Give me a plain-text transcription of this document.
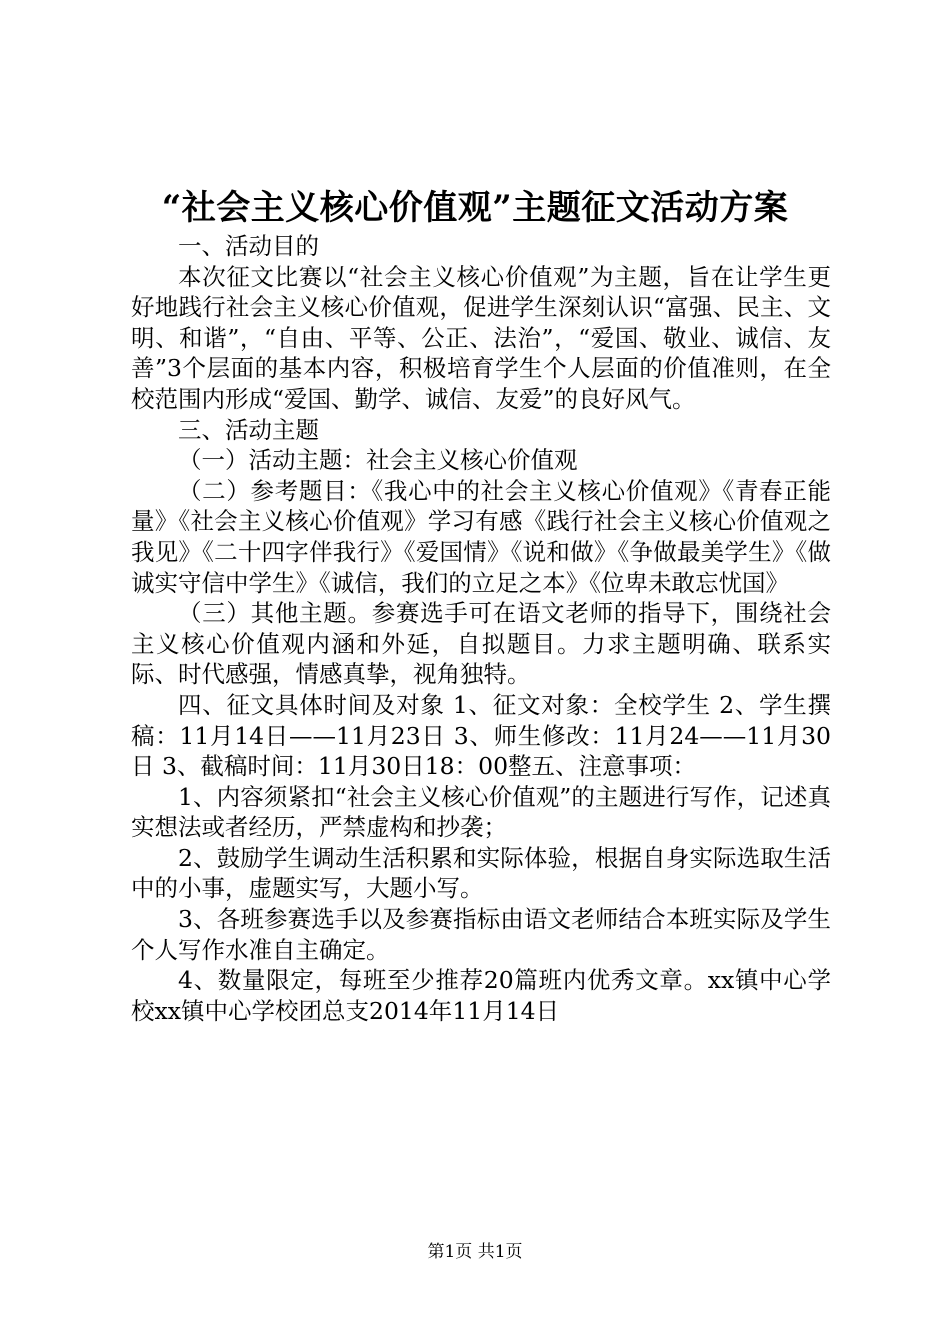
“社会主义核心价值观”主题征文活动方案

一、活动目的

本次征文比赛以“社会主义核心价值观”为主题，旨在让学生更好地践行社会主义核心价值观，促进学生深刻认识“富强、民主、文明、和谐”，“自由、平等、公正、法治”，“爱国、敬业、诚信、友善”3个层面的基本内容，积极培育学生个人层面的价值准则，在全校范围内形成“爱国、勤学、诚信、友爱”的良好风气。

三、活动主题

（一）活动主题：社会主义核心价值观

（二）参考题目：《我心中的社会主义核心价值观》《青春正能量》《社会主义核心价值观》学习有感《践行社会主义核心价值观之我见》《二十四字伴我行》《爱国情》《说和做》《争做最美学生》《做诚实守信中学生》《诚信，我们的立足之本》《位卑未敢忘忧国》

（三）其他主题。参赛选手可在语文老师的指导下，围绕社会主义核心价值观内涵和外延，自拟题目。力求主题明确、联系实际、时代感强，情感真挚，视角独特。

四、征文具体时间及对象 1、征文对象：全校学生 2、学生撰稿：11月14日——11月23日 3、师生修改：11月24——11月30日 3、截稿时间：11月30日18：00整五、注意事项：

1、内容须紧扣“社会主义核心价值观”的主题进行写作，记述真实想法或者经历，严禁虚构和抄袭；

2、鼓励学生调动生活积累和实际体验，根据自身实际选取生活中的小事，虚题实写，大题小写。

3、各班参赛选手以及参赛指标由语文老师结合本班实际及学生个人写作水准自主确定。

4、数量限定，每班至少推荐20篇班内优秀文章。xx镇中心学校xx镇中心学校团总支2014年11月14日

第1页 共1页
